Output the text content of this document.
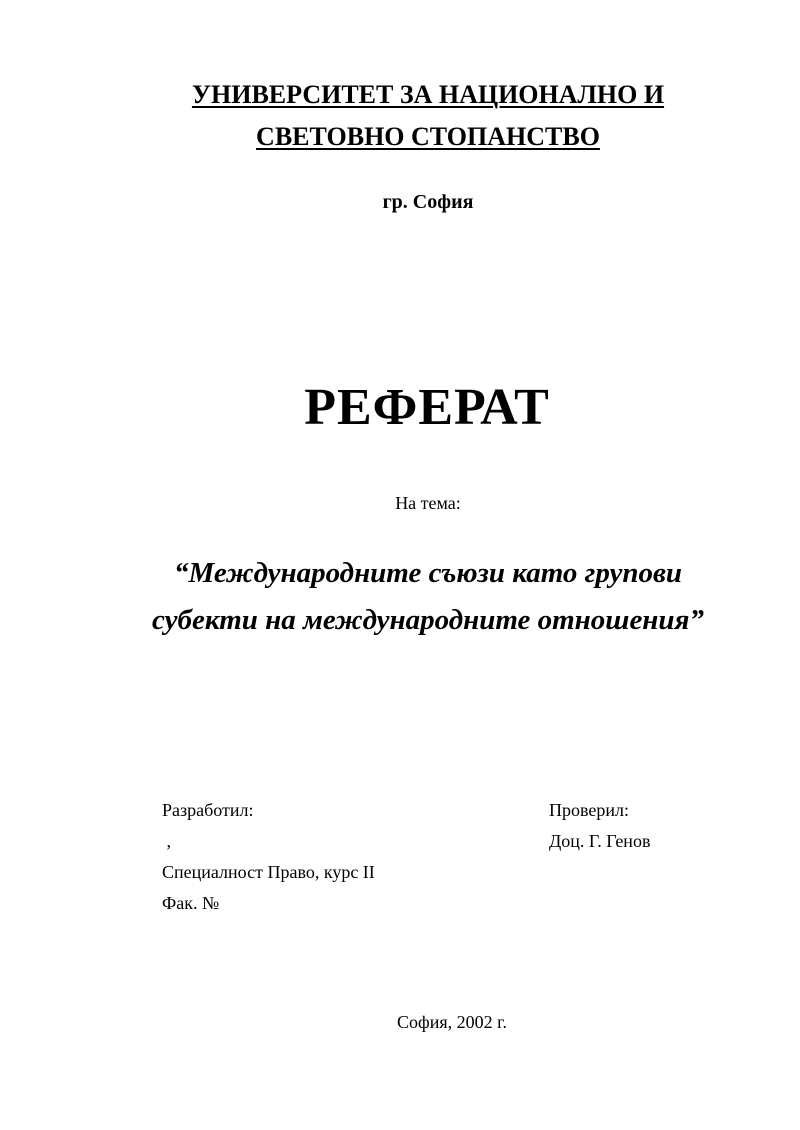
УНИВЕРСИТЕТ ЗА НАЦИОНАЛНО И
СВЕТОВНО СТОПАНСТВО
гр. София
РЕФЕРАТ
На тема:
“Международните съюзи като групови
субекти на международните отношения”
Разработил:
,
Специалност Право, курс II
Фак. №
Проверил:
Доц. Г. Генов
София, 2002 г.
